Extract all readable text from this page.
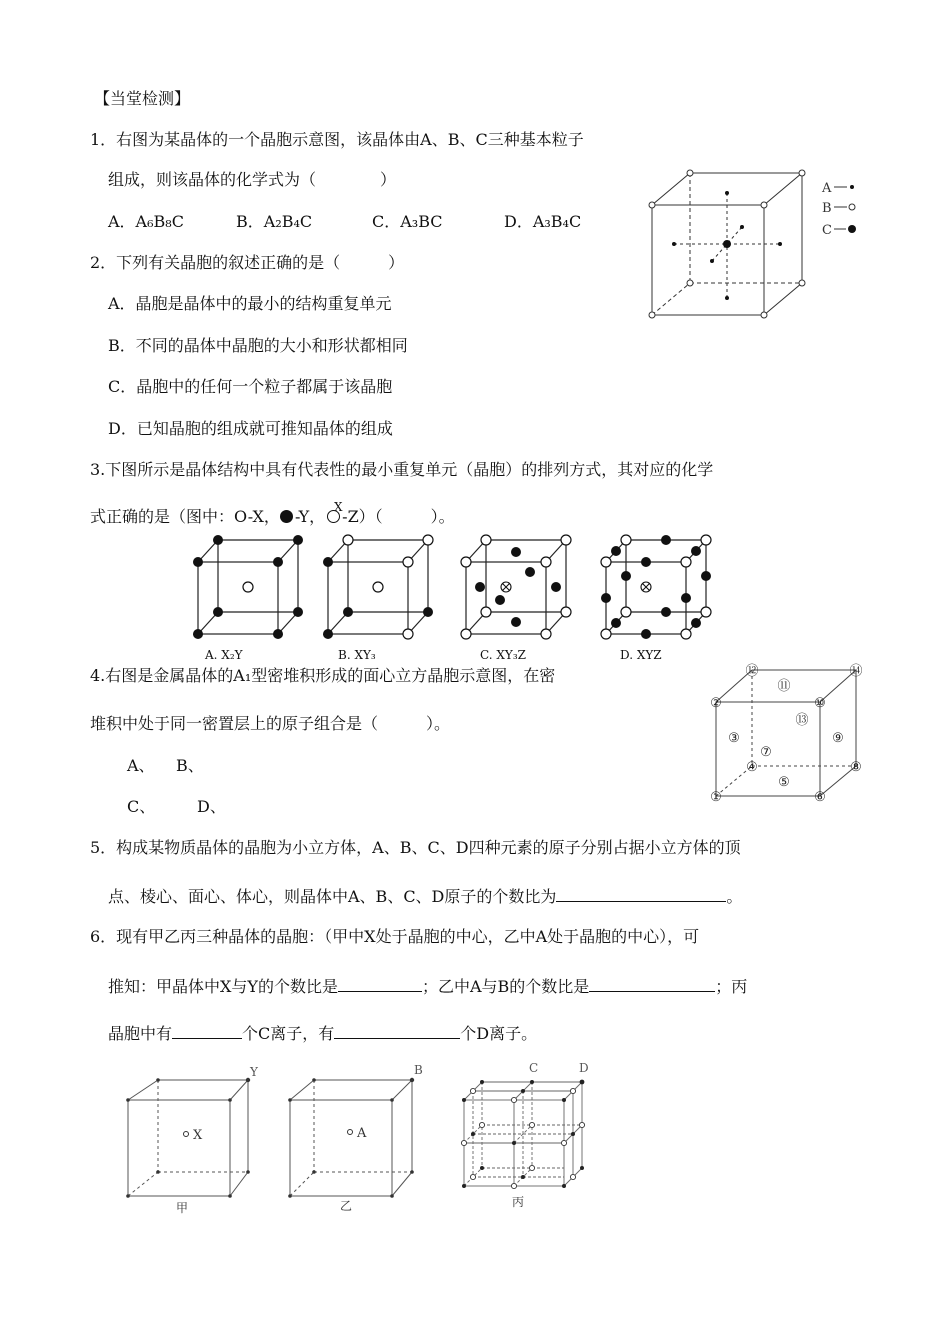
【当堂检测】
1．右图为某晶体的一个晶胞示意图，该晶体由A、B、C三种基本粒子
组成，则该晶体的化学式为（　　　　）
A．A₆B₈C	B．A₂B₄C	C．A₃BC	D．A₃B₄C
A
B
C
2．下列有关晶胞的叙述正确的是（　　　）
A．晶胞是晶体中的最小的结构重复单元
B．不同的晶体中晶胞的大小和形状都相同
C．晶胞中的任何一个粒子都属于该晶胞
D．已知晶胞的组成就可推知晶体的组成
3.下图所示是晶体结构中具有代表性的最小重复单元（晶胞）的排列方式，其对应的化学
式正确的是（图中：O-X， -Y， -Z）（　　　）。
X
A. X₂Y	B. XY₃	C. XY₃Z	D. XYZ
4.右图是金属晶体的A₁型密堆积形成的面心立方晶胞示意图，在密
堆积中处于同一密置层上的原子组合是（　　　）。
A、 B、
C、	D、	①
②
③
④
⑤
⑥
⑦
⑧
⑨
⑩
⑪
⑫
⑬
⑭
5．构成某物质晶体的晶胞为小立方体，A、B、C、D四种元素的原子分别占据小立方体的顶
点、棱心、面心、体心，则晶体中A、B、C、D原子的个数比为	。
6．现有甲乙丙三种晶体的晶胞：（甲中X处于晶胞的中心，乙中A处于晶胞的中心），可
推知：甲晶体中X与Y的个数比是	；乙中A与B的个数比是	；丙
晶胞中有	个C离子，有	个D离子。
X
Y
甲
A
B
乙
C	D
丙
